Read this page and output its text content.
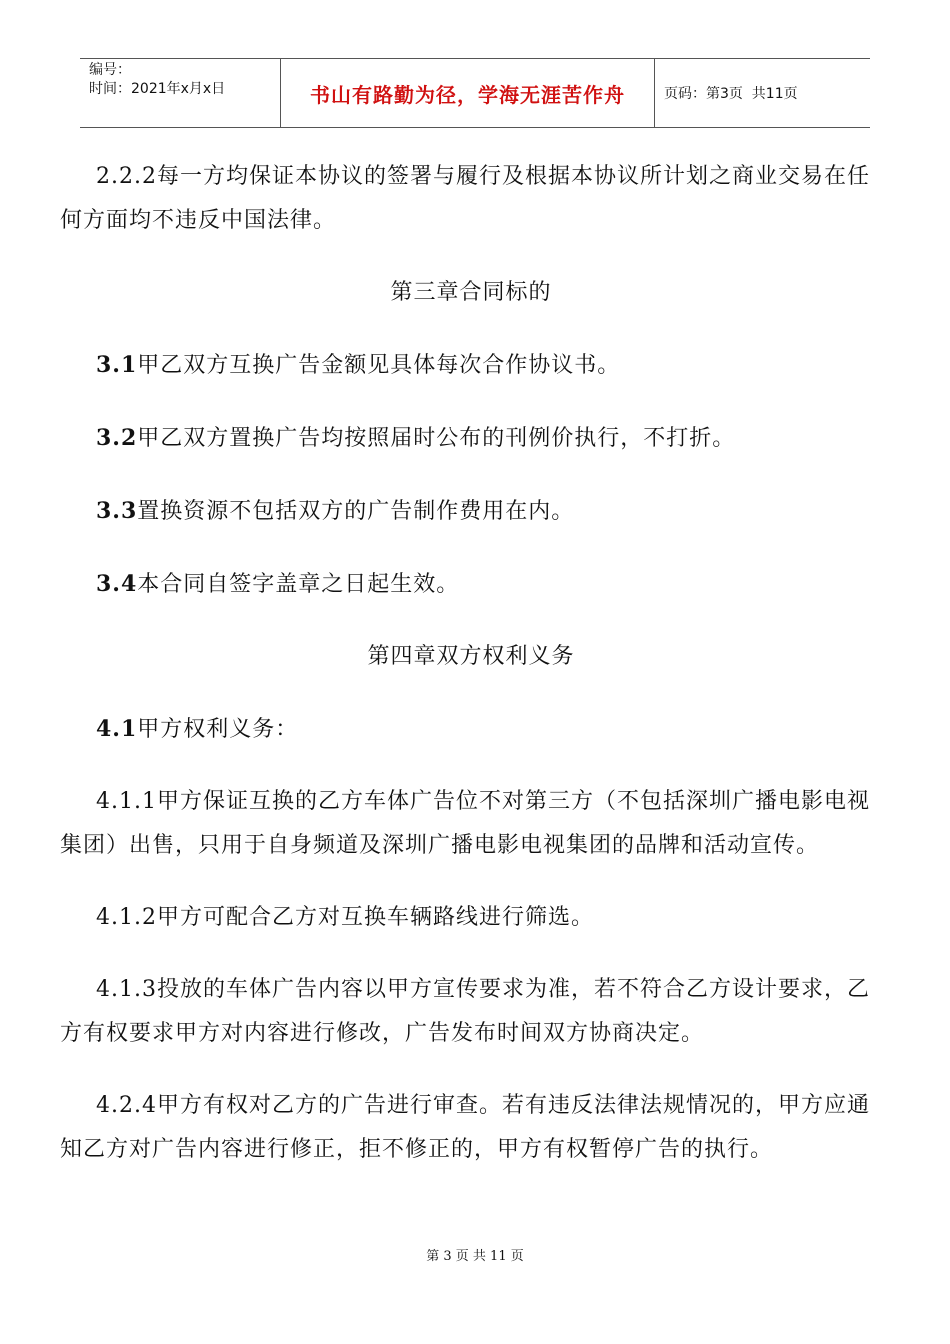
编号：
时间：2021年x月x日	书山有路勤为径，学海无涯苦作舟	页码：第3页  共11页

2.2.2每一方均保证本协议的签署与履行及根据本协议所计划之商业交易在任何方面均不违反中国法律。

第三章合同标的

3.1甲乙双方互换广告金额见具体每次合作协议书。

3.2甲乙双方置换广告均按照届时公布的刊例价执行，不打折。

3.3置换资源不包括双方的广告制作费用在内。

3.4本合同自签字盖章之日起生效。

第四章双方权利义务

4.1甲方权利义务：

4.1.1甲方保证互换的乙方车体广告位不对第三方（不包括深圳广播电影电视集团）出售，只用于自身频道及深圳广播电影电视集团的品牌和活动宣传。

4.1.2甲方可配合乙方对互换车辆路线进行筛选。

4.1.3投放的车体广告内容以甲方宣传要求为准，若不符合乙方设计要求，乙方有权要求甲方对内容进行修改，广告发布时间双方协商决定。

4.2.4甲方有权对乙方的广告进行审查。若有违反法律法规情况的，甲方应通知乙方对广告内容进行修正，拒不修正的，甲方有权暂停广告的执行。

第 3 页 共 11 页
